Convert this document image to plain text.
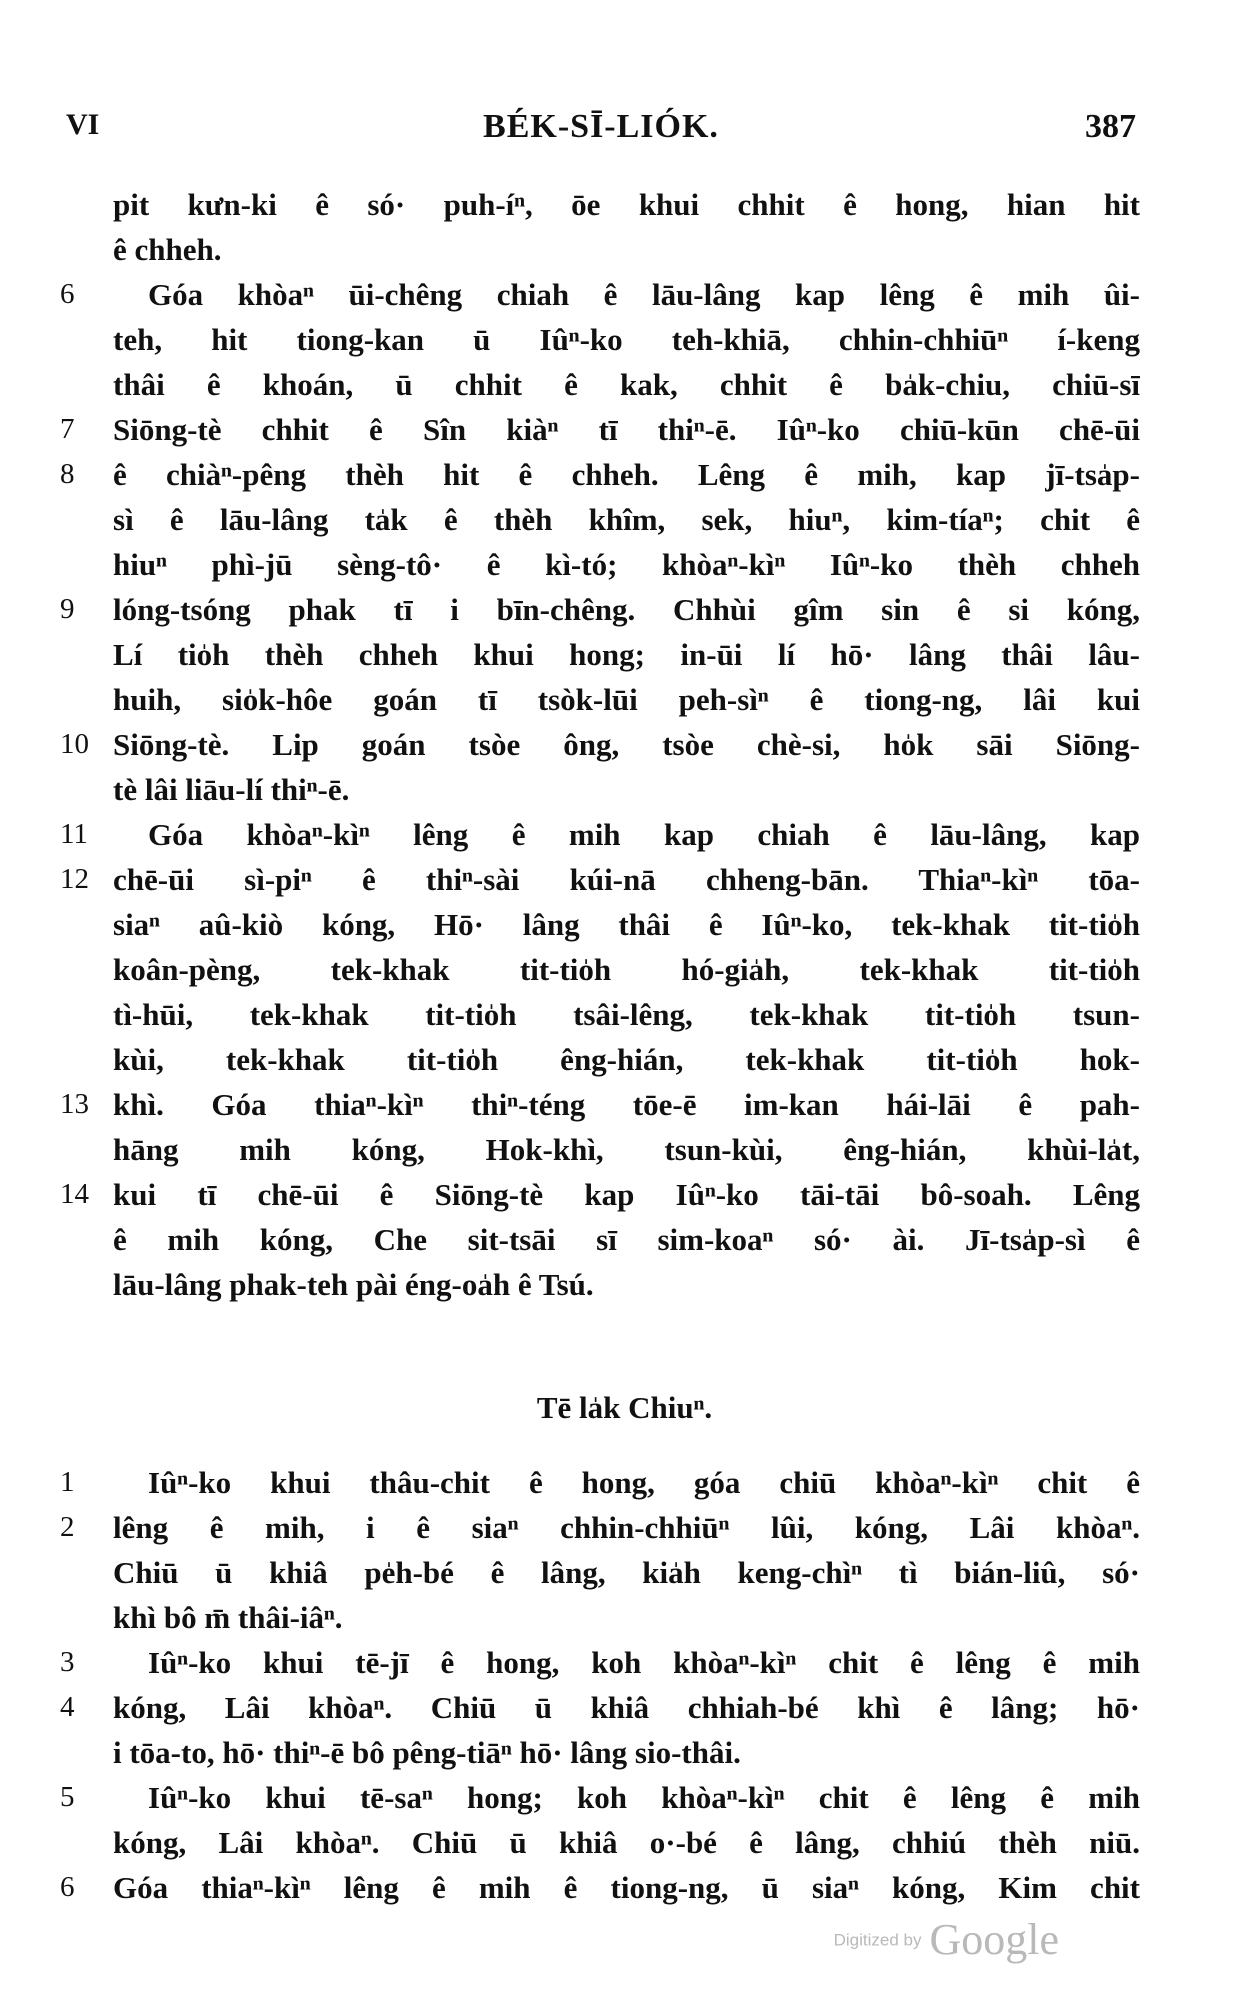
VI	BÉK-SĪ-LIÓK.	387
pit kưn-ki ê só· puh-íⁿ, ōe khui chhit ê hong, hian hit
ê chheh.
6	Góa khòaⁿ ūi-chêng chiah ê lāu-lâng kap lêng ê mih ûi-
teh, hit tiong-kan ū Iûⁿ-ko teh-khiā, chhin-chhiūⁿ í-keng
thâi ê khoán, ū chhit ê kak, chhit ê ba̍k-chiu, chiū-sī
7	Siōng-tè chhit ê Sîn kiàⁿ tī thiⁿ-ē. Iûⁿ-ko chiū-kūn chē-ūi
8	ê chiàⁿ-pêng thèh hit ê chheh. Lêng ê mih, kap jī-tsa̍p-
sì ê lāu-lâng ta̍k ê thèh khîm, sek, hiuⁿ, kim-tíaⁿ; chit ê
hiuⁿ phì-jū sèng-tô· ê kì-tó; khòaⁿ-kìⁿ Iûⁿ-ko thèh chheh
9	lóng-tsóng phak tī i bīn-chêng. Chhùi gîm sin ê si kóng,
Lí tio̍h thèh chheh khui hong; in-ūi lí hō· lâng thâi lâu-
huih, sio̍k-hôe goán tī tsòk-lūi peh-sìⁿ ê tiong-ng, lâi kui
10 Siōng-tè. Lip goán tsòe ông, tsòe chè-si, ho̍k sāi Siōng-
tè lâi liāu-lí thiⁿ-ē.
11	Góa khòaⁿ-kìⁿ lêng ê mih kap chiah ê lāu-lâng, kap
12 chē-ūi sì-piⁿ ê thiⁿ-sài kúi-nā chheng-bān. Thiaⁿ-kìⁿ tōa-
siaⁿ aû-kiò kóng, Hō· lâng thâi ê Iûⁿ-ko, tek-khak tit-tio̍h
koân-pèng, tek-khak tit-tio̍h hó-gia̍h, tek-khak tit-tio̍h
tì-hūi, tek-khak tit-tio̍h tsâi-lêng, tek-khak tit-tio̍h tsun-
kùi, tek-khak tit-tio̍h êng-hián, tek-khak tit-tio̍h hok-
13 khì. Góa thiaⁿ-kìⁿ thiⁿ-téng tōe-ē im-kan hái-lāi ê pah-
hāng mih kóng, Hok-khì, tsun-kùi, êng-hián, khùi-la̍t,
14 kui tī chē-ūi ê Siōng-tè kap Iûⁿ-ko tāi-tāi bô-soah. Lêng
ê mih kóng, Che sit-tsāi sī sim-koaⁿ só· ài. Jī-tsa̍p-sì ê
lāu-lâng phak-teh pài éng-oa̍h ê Tsú.
Tē la̍k Chiuⁿ.
1	Iûⁿ-ko khui thâu-chit ê hong, góa chiū khòaⁿ-kìⁿ chit ê
2	lêng ê mih, i ê siaⁿ chhin-chhiūⁿ lûi, kóng, Lâi khòaⁿ.
Chiū ū khiâ pe̍h-bé ê lâng, kia̍h keng-chìⁿ tì bián-liû, só·
khì bô m̄ thâi-iâⁿ.
3	Iûⁿ-ko khui tē-jī ê hong, koh khòaⁿ-kìⁿ chit ê lêng ê mih
4	kóng, Lâi khòaⁿ. Chiū ū khiâ chhiah-bé khì ê lâng; hō·
i tōa-to, hō· thiⁿ-ē bô pêng-tiāⁿ hō· lâng sio-thâi.
5	Iûⁿ-ko khui tē-saⁿ hong; koh khòaⁿ-kìⁿ chit ê lêng ê mih
kóng, Lâi khòaⁿ. Chiū ū khiâ o·-bé ê lâng, chhiú thèh niū.
6	Góa thiaⁿ-kìⁿ lêng ê mih ê tiong-ng, ū siaⁿ kóng, Kim chit
Digitized by Google
